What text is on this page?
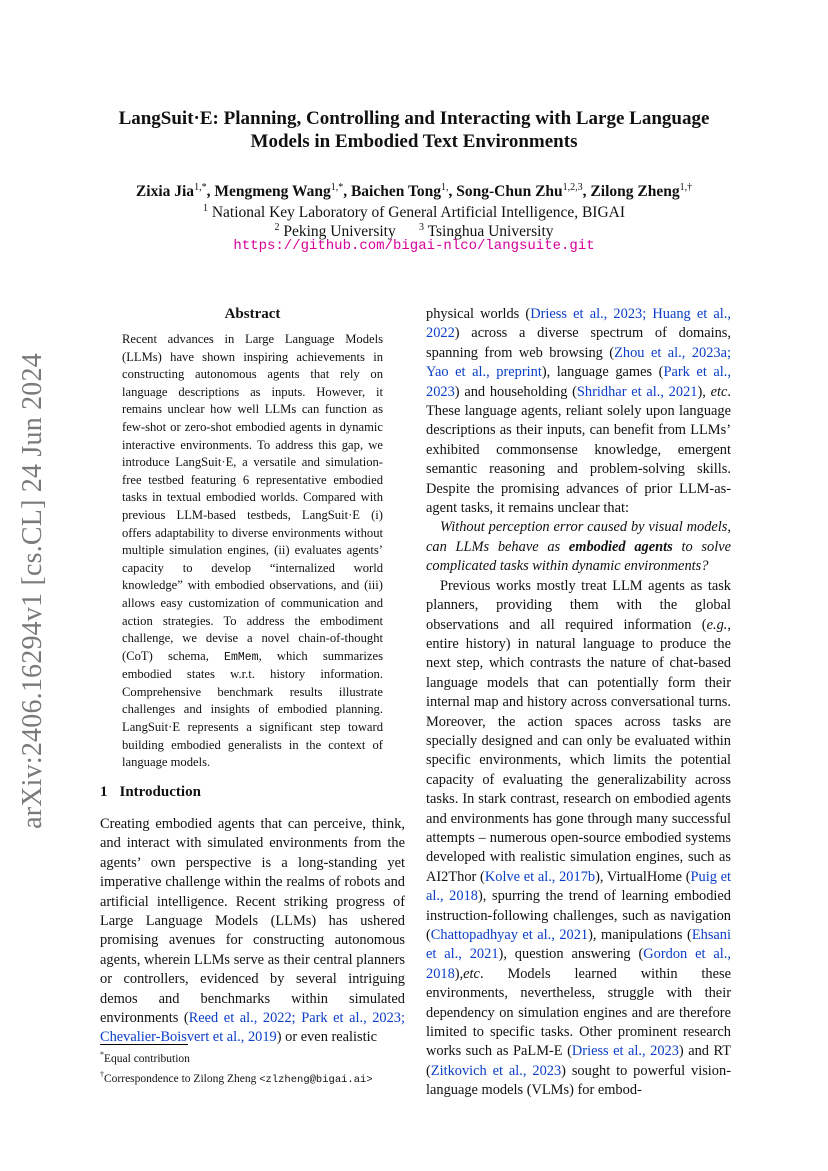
arXiv:2406.16294v1 [cs.CL] 24 Jun 2024
LangSuit·E: Planning, Controlling and Interacting with Large Language Models in Embodied Text Environments
Zixia Jia$^{1,*}$, Mengmeng Wang$^{1,*}$, Baichen Tong$^{1,}$, Song-Chun Zhu$^{1,2,3}$, Zilong Zheng$^{1,\dagger}$
$^1$ National Key Laboratory of General Artificial Intelligence, BIGAI
$^2$ Peking University $^3$ Tsinghua University
https://github.com/bigai-nlco/langsuite.git
Abstract
Recent advances in Large Language Models (LLMs) have shown inspiring achievements in constructing autonomous agents that rely on language descriptions as inputs. However, it remains unclear how well LLMs can function as few-shot or zero-shot embodied agents in dynamic interactive environments. To address this gap, we introduce LangSuit·E, a versatile and simulation-free testbed featuring 6 representative embodied tasks in textual embodied worlds. Compared with previous LLM-based testbeds, LangSuit·E (i) offers adaptability to diverse environments without multiple simulation engines, (ii) evaluates agents’ capacity to develop “internalized world knowledge” with embodied observations, and (iii) allows easy customization of communication and action strategies. To address the embodiment challenge, we devise a novel chain-of-thought (CoT) schema, EmMem, which summarizes embodied states w.r.t. history information. Comprehensive benchmark results illustrate challenges and insights of embodied planning. LangSuit·E represents a significant step toward building embodied generalists in the context of language models.
1 Introduction

Creating embodied agents that can perceive, think, and interact with simulated environments from the agents’ own perspective is a long-standing yet imperative challenge within the realms of robots and artificial intelligence. Recent striking progress of Large Language Models (LLMs) has ushered promising avenues for constructing autonomous agents, wherein LLMs serve as their central planners or controllers, evidenced by several intriguing demos and benchmarks within simulated environments (Reed et al., 2022; Park et al., 2023; Chevalier-Boisvert et al., 2019) or even realistic

physical worlds (Driess et al., 2023; Huang et al., 2022) across a diverse spectrum of domains, spanning from web browsing (Zhou et al., 2023a; Yao et al., preprint), language games (Park et al., 2023) and householding (Shridhar et al., 2021), etc. These language agents, reliant solely upon language descriptions as their inputs, can benefit from LLMs’ exhibited commonsense knowledge, emergent semantic reasoning and problem-solving skills. Despite the promising advances of prior LLM-as-agent tasks, it remains unclear that:

Without perception error caused by visual models, can LLMs behave as embodied agents to solve complicated tasks within dynamic environments?

Previous works mostly treat LLM agents as task planners, providing them with the global observations and all required information (e.g., entire history) in natural language to produce the next step, which contrasts the nature of chat-based language models that can potentially form their internal map and history across conversational turns. Moreover, the action spaces across tasks are specially designed and can only be evaluated within specific environments, which limits the potential capacity of evaluating the generalizability across tasks. In stark contrast, research on embodied agents and environments has gone through many successful attempts – numerous open-source embodied systems developed with realistic simulation engines, such as AI2Thor (Kolve et al., 2017b), VirtualHome (Puig et al., 2018), spurring the trend of learning embodied instruction-following challenges, such as navigation (Chattopadhyay et al., 2021), manipulations (Ehsani et al., 2021), question answering (Gordon et al., 2018),etc. Models learned within these environments, nevertheless, struggle with their dependency on simulation engines and are therefore limited to specific tasks. Other prominent research works such as PaLM-E (Driess et al., 2023) and RT (Zitkovich et al., 2023) sought to powerful vision-language models (VLMs) for embod-

*Equal contribution
†Correspondence to Zilong Zheng <zlzheng@bigai.ai>
